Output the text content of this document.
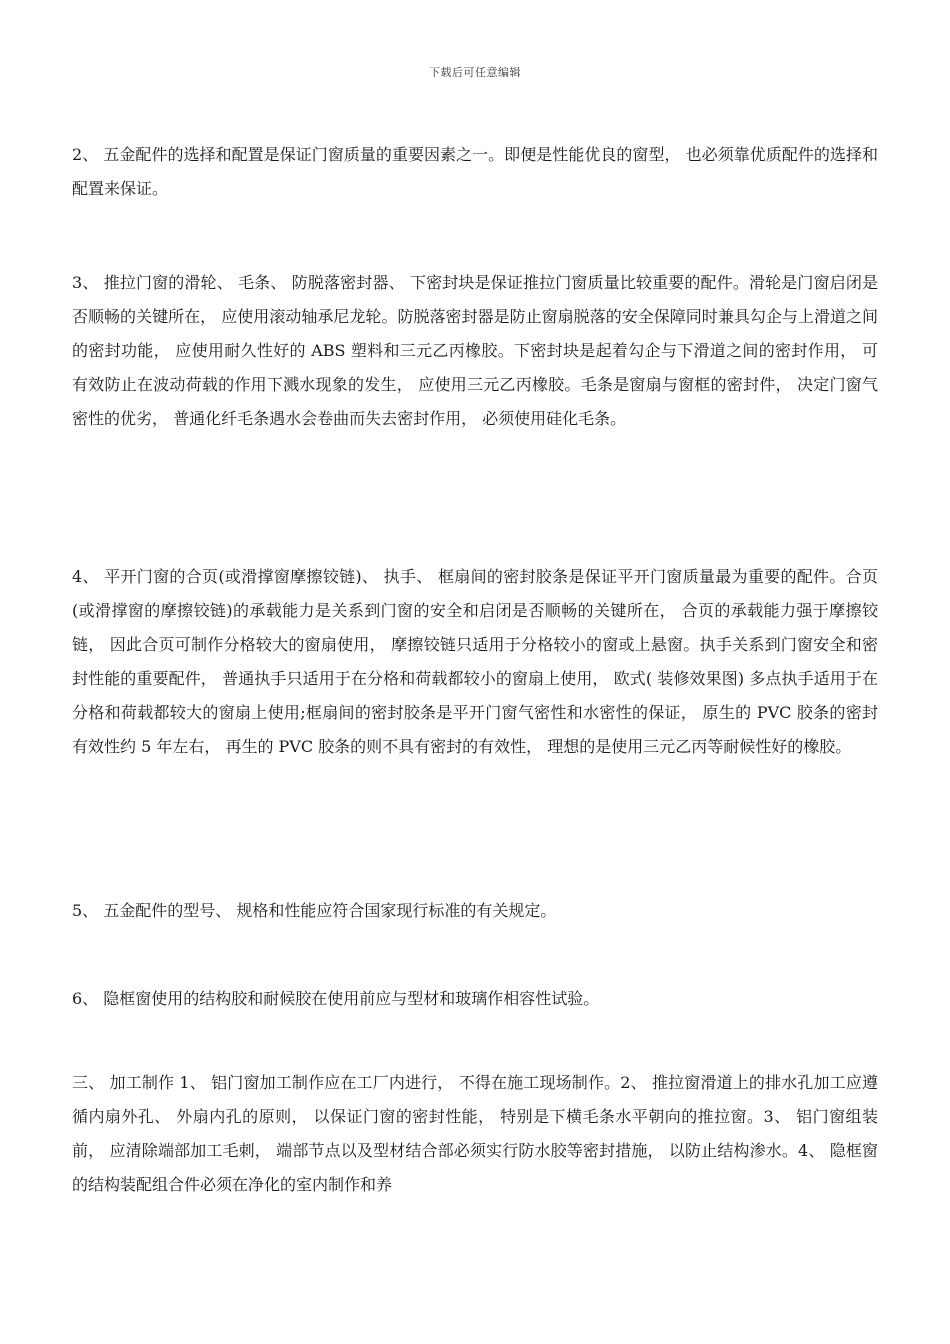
下载后可任意编辑

2、 五金配件的选择和配置是保证门窗质量的重要因素之一。即便是性能优良的窗型， 也必须靠优质配件的选择和配置来保证。

3、 推拉门窗的滑轮、 毛条、 防脱落密封器、 下密封块是保证推拉门窗质量比较重要的配件。滑轮是门窗启闭是否顺畅的关键所在， 应使用滚动轴承尼龙轮。防脱落密封器是防止窗扇脱落的安全保障同时兼具勾企与上滑道之间的密封功能， 应使用耐久性好的 ABS 塑料和三元乙丙橡胶。下密封块是起着勾企与下滑道之间的密封作用， 可有效防止在波动荷载的作用下溅水现象的发生， 应使用三元乙丙橡胶。毛条是窗扇与窗框的密封件， 决定门窗气密性的优劣， 普通化纤毛条遇水会卷曲而失去密封作用， 必须使用硅化毛条。

4、 平开门窗的合页(或滑撑窗摩擦铰链)、 执手、 框扇间的密封胶条是保证平开门窗质量最为重要的配件。合页(或滑撑窗的摩擦铰链)的承载能力是关系到门窗的安全和启闭是否顺畅的关键所在， 合页的承载能力强于摩擦铰链， 因此合页可制作分格较大的窗扇使用， 摩擦铰链只适用于分格较小的窗或上悬窗。执手关系到门窗安全和密封性能的重要配件， 普通执手只适用于在分格和荷载都较小的窗扇上使用， 欧式( 装修效果图) 多点执手适用于在分格和荷载都较大的窗扇上使用;框扇间的密封胶条是平开门窗气密性和水密性的保证， 原生的 PVC 胶条的密封有效性约 5 年左右， 再生的 PVC 胶条的则不具有密封的有效性， 理想的是使用三元乙丙等耐候性好的橡胶。

5、 五金配件的型号、 规格和性能应符合国家现行标准的有关规定。

6、 隐框窗使用的结构胶和耐候胶在使用前应与型材和玻璃作相容性试验。

三、 加工制作 1、 铝门窗加工制作应在工厂内进行， 不得在施工现场制作。2、 推拉窗滑道上的排水孔加工应遵循内扇外孔、 外扇内孔的原则， 以保证门窗的密封性能， 特别是下横毛条水平朝向的推拉窗。3、 铝门窗组装前， 应清除端部加工毛刺， 端部节点以及型材结合部必须实行防水胶等密封措施， 以防止结构渗水。4、 隐框窗的结构装配组合件必须在净化的室内制作和养
